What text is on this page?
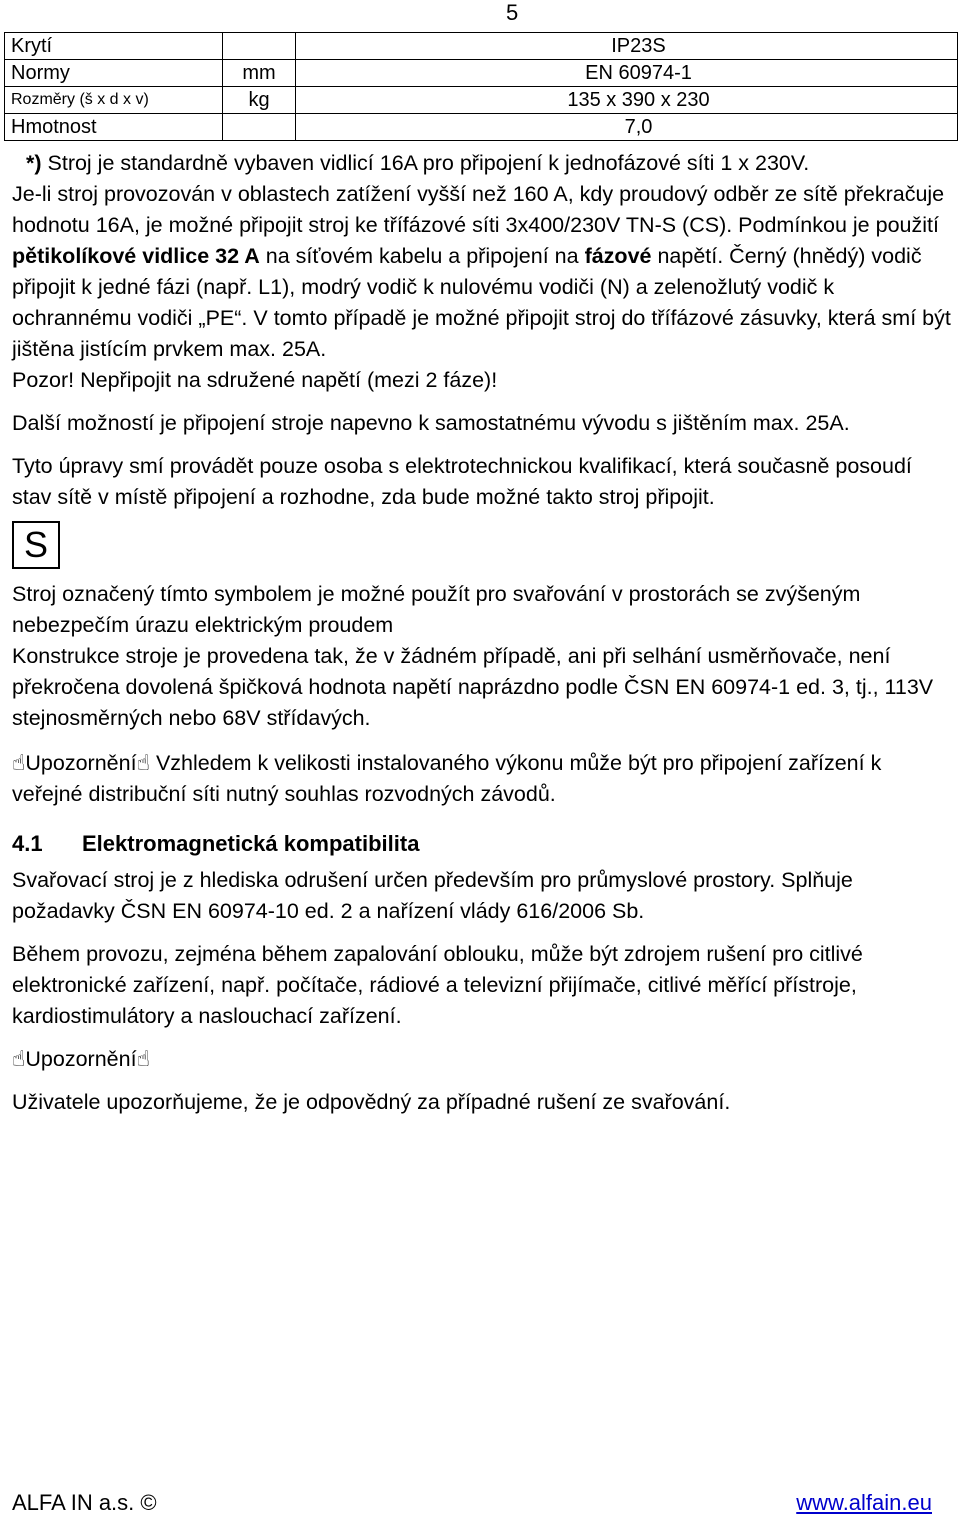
5
Krytí		IP23S
Normy	mm	EN 60974-1
Rozměry (š x d x v)	kg	135 x 390 x 230
Hmotnost		7,0

*) Stroj je standardně vybaven vidlicí 16A pro připojení k jednofázové síti 1 x 230V.

Je-li stroj provozován v oblastech zatížení vyšší než 160 A, kdy proudový odběr ze sítě překračuje hodnotu 16A, je možné připojit stroj ke třífázové síti 3x400/230V TN-S (CS). Podmínkou je použití pětikolíkové vidlice 32 A na síťovém kabelu a připojení na fázové napětí. Černý (hnědý) vodič připojit k jedné fázi (např. L1), modrý vodič k nulovému vodiči (N) a zelenožlutý vodič k ochrannému vodiči „PE“. V tomto případě je možné připojit stroj do třífázové zásuvky, která smí být jištěna jistícím prvkem max. 25A.

Pozor! Nepřipojit na sdružené napětí (mezi 2 fáze)!

Další možností je připojení stroje napevno k samostatnému vývodu s jištěním max. 25A.

Tyto úpravy smí provádět pouze osoba s elektrotechnickou kvalifikací, která současně posoudí stav sítě v místě připojení a rozhodne, zda bude možné takto stroj připojit.

S

Stroj označený tímto symbolem je možné použít pro svařování v prostorách se zvýšeným nebezpečím úrazu elektrickým proudem

Konstrukce stroje je provedena tak, že v žádném případě, ani při selhání usměrňovače, není překročena dovolená špičková hodnota napětí naprázdno podle ČSN EN 60974-1 ed. 3, tj., 113V stejnosměrných nebo 68V střídavých.

☝Upozornění☝ Vzhledem k velikosti instalovaného výkonu může být pro připojení zařízení k veřejné distribuční síti nutný souhlas rozvodných závodů.

4.1 Elektromagnetická kompatibilita

Svařovací stroj je z hlediska odrušení určen především pro průmyslové prostory. Splňuje požadavky ČSN EN 60974-10 ed. 2 a nařízení vlády 616/2006 Sb.

Během provozu, zejména během zapalování oblouku, může být zdrojem rušení pro citlivé elektronické zařízení, např. počítače, rádiové a televizní přijímače, citlivé měřící přístroje, kardiostimulátory a naslouchací zařízení.

☝Upozornění☝

Uživatele upozorňujeme, že je odpovědný za případné rušení ze svařování.

ALFA IN a.s. ©	www.alfain.eu
